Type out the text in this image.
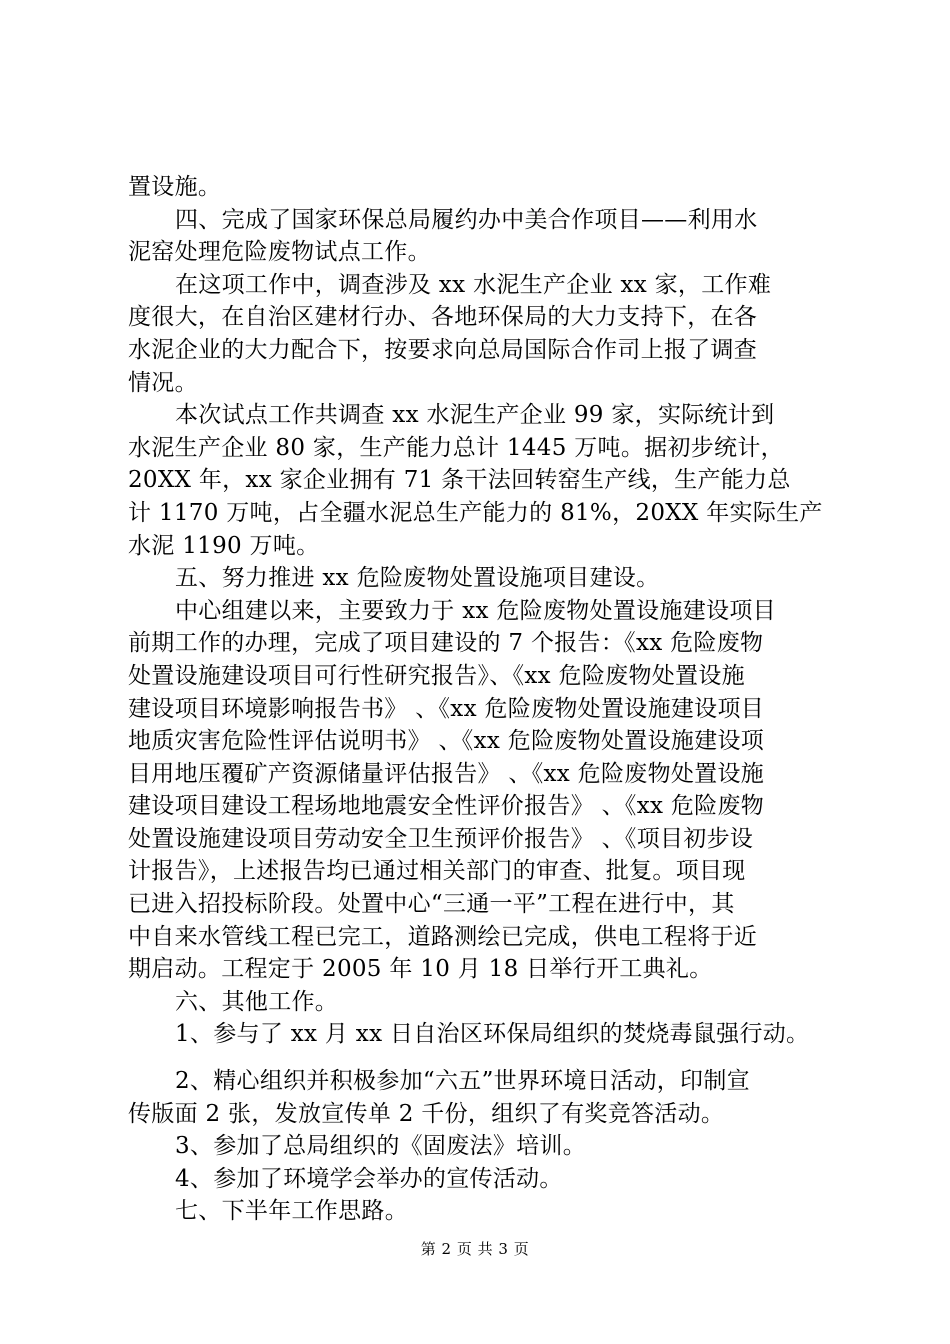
置设施。
四、完成了国家环保总局履约办中美合作项目——利用水
泥窑处理危险废物试点工作。
在这项工作中，调查涉及 xx 水泥生产企业 xx 家，工作难
度很大，在自治区建材行办、各地环保局的大力支持下，在各
水泥企业的大力配合下，按要求向总局国际合作司上报了调查
情况。
本次试点工作共调查 xx 水泥生产企业 99 家，实际统计到
水泥生产企业 80 家，生产能力总计 1445 万吨。据初步统计，
20XX 年，xx 家企业拥有 71 条干法回转窑生产线，生产能力总
计 1170 万吨，占全疆水泥总生产能力的 81%，20XX 年实际生产
水泥 1190 万吨。
五、努力推进 xx 危险废物处置设施项目建设。
中心组建以来，主要致力于 xx 危险废物处置设施建设项目
前期工作的办理，完成了项目建设的 7 个报告：《xx 危险废物
处置设施建设项目可行性研究报告》、《xx 危险废物处置设施
建设项目环境影响报告书》 、《xx 危险废物处置设施建设项目
地质灾害危险性评估说明书》 、《xx 危险废物处置设施建设项
目用地压覆矿产资源储量评估报告》 、《xx 危险废物处置设施
建设项目建设工程场地地震安全性评价报告》 、《xx 危险废物
处置设施建设项目劳动安全卫生预评价报告》 、《项目初步设
计报告》，上述报告均已通过相关部门的审查、批复。项目现
已进入招投标阶段。处置中心“三通一平”工程在进行中，其
中自来水管线工程已完工，道路测绘已完成，供电工程将于近
期启动。工程定于 2005 年 10 月 18 日举行开工典礼。
六、其他工作。
1、参与了 xx 月 xx 日自治区环保局组织的焚烧毒鼠强行动。
2、精心组织并积极参加“六五”世界环境日活动，印制宣
传版面 2 张，发放宣传单 2 千份，组织了有奖竞答活动。
3、参加了总局组织的《固废法》培训。
4、参加了环境学会举办的宣传活动。
七、下半年工作思路。
第 2 页 共 3 页
